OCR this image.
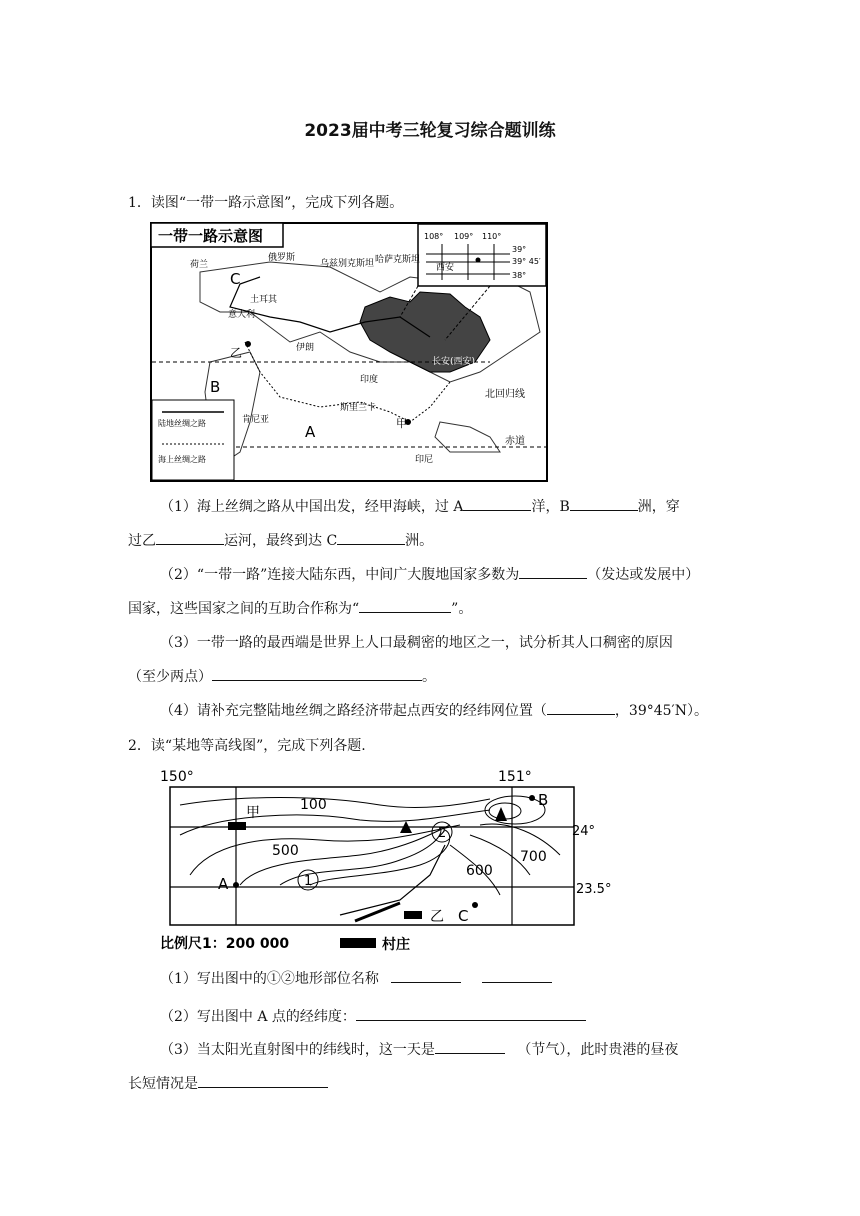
2023届中考三轮复习综合题训练
1．读图“一带一路示意图”，完成下列各题。
一带一路示意图	108° 109° 110°
39°
39° 45′
38°
西安
C
B
A
乙
甲
俄罗斯
乌兹别克斯坦 哈萨克斯坦
土耳其
伊朗
印度
斯里兰卡
肯尼亚
印尼
荷兰
意大利
长安(西安)
北回归线
赤道
陆地丝绸之路
海上丝绸之路
（1）海上丝绸之路从中国出发，经甲海峡，过 A	洋，B	洲，穿
过乙	运河，最终到达 C	洲。
（2）“一带一路”连接大陆东西，中间广大腹地国家多数为	（发达或发展中）
国家，这些国家之间的互助合作称为“	”。
（3）一带一路的最西端是世界上人口最稠密的地区之一，试分析其人口稠密的原因
（至少两点）	。
（4）请补充完整陆地丝绸之路经济带起点西安的经纬网位置（	，39°45′N）。
2．读“某地等高线图”，完成下列各题.
1
2
150°	151°
24°
23.5°
100
500
600
700
甲
乙
A
B
C
比例尺1：200 000	村庄
（1）写出图中的①②地形部位名称
（2）写出图中 A 点的经纬度：
（3）当太阳光直射图中的纬线时，这一天是	（节气），此时贵港的昼夜
长短情况是
